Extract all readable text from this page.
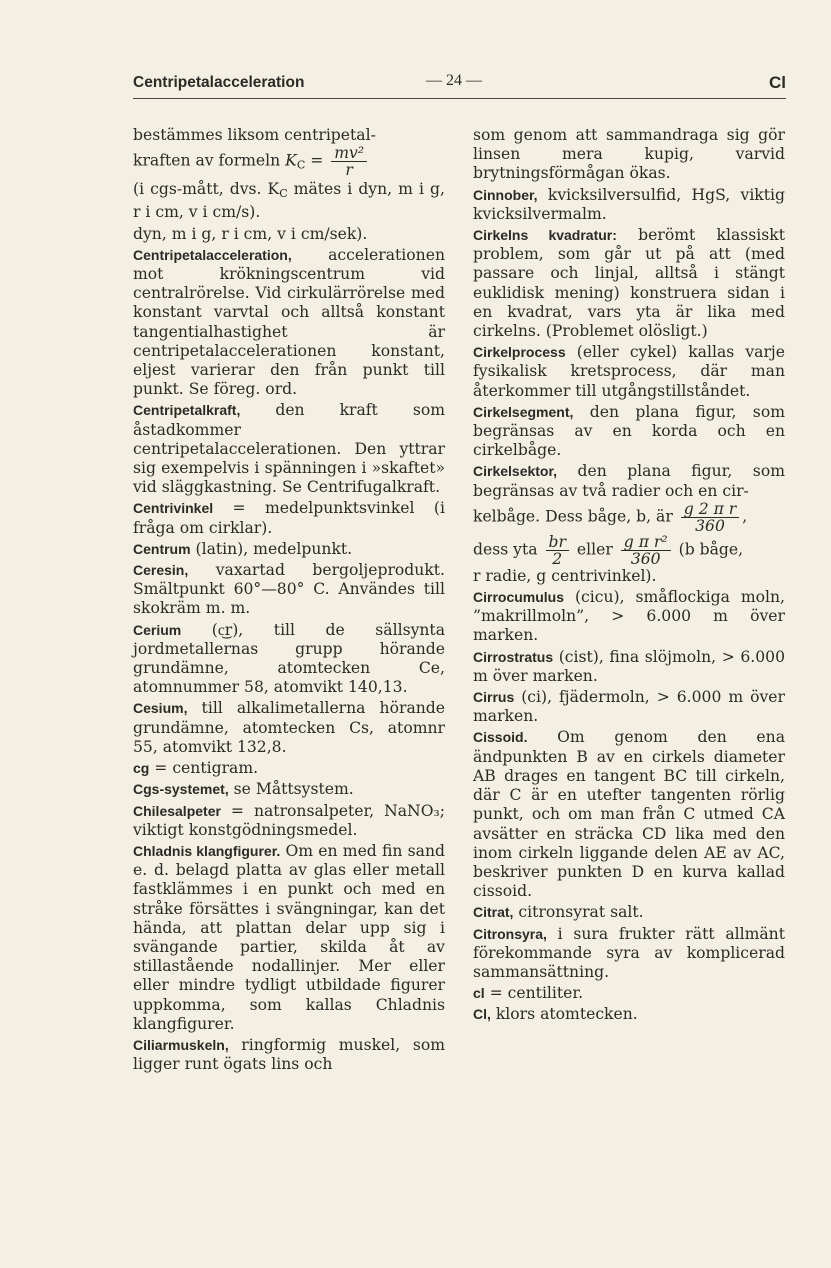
Centripetalacceleration	— 24 —	Cl

bestämmes liksom centripetal-
kraften av formeln $K_C = \frac{\text{mv²}}{r}$

(i cgs-mått, dvs. $K_C$ mätes i dyn, m i g, r i cm, v i cm/s).

dyn, m i g, r i cm, v i cm/sek).

Centripetalacceleration, accelerationen mot krökningscentrum vid centralrörelse. Vid cirkulärrörelse med konstant varvtal och alltså konstant tangentialhastighet är centripetalaccelerationen konstant, eljest varierar den från punkt till punkt. Se föreg. ord.

Centripetalkraft, den kraft som åstadkommer centripetalaccelerationen. Den yttrar sig exempelvis i spänningen i »skaftet» vid släggkastning. Se Centrifugalkraft.

Centrivinkel = medelpunktsvinkel (i fråga om cirklar).

Centrum (latin), medelpunkt.

Ceresin, vaxartad bergoljeprodukt. Smältpunkt 60°—80° C. Användes till skokräm m. m.

Cerium (c͜r), till de sällsynta jordmetallernas grupp hörande grundämne, atomtecken Ce, atomnummer 58, atomvikt 140,13.

Cesium, till alkalimetallerna hörande grundämne, atomtecken Cs, atomnr 55, atomvikt 132,8.

cg = centigram.

Cgs-systemet, se Måttsystem.

Chilesalpeter = natronsalpeter, NaNO₃; viktigt konstgödningsmedel.

Chladnis klangfigurer. Om en med fin sand e. d. belagd platta av glas eller metall fastklämmes i en punkt och med en stråke försättes i svängningar, kan det hända, att plattan delar upp sig i svängande partier, skilda åt av stillastående nodallinjer. Mer eller eller mindre tydligt utbildade figurer uppkomma, som kallas Chladnis klangfigurer.

Ciliarmuskeln, ringformig muskel, som ligger runt ögats lins och

som genom att sammandraga sig gör linsen mera kupig, varvid brytningsförmågan ökas.

Cinnober, kvicksilversulfid, HgS, viktig kvicksilvermalm.

Cirkelns kvadratur: berömt klassiskt problem, som går ut på att (med passare och linjal, alltså i stängt euklidisk mening) konstruera sidan i en kvadrat, vars yta är lika med cirkelns. (Problemet olösligt.)

Cirkelprocess (eller cykel) kallas varje fysikalisk kretsprocess, där man återkommer till utgångstillståndet.

Cirkelsegment, den plana figur, som begränsas av en korda och en cirkelbåge.

Cirkelsektor, den plana figur, som begränsas av två radier och en cir-
kelbåge. Dess båge, b, är $\frac{\text{g 2 π r}}{360}$ ,
dess yta $\frac{br}{2}$ eller $\frac{\text{g π r²}}{360} (b$ båge,
r radie, g centrivinkel).

Cirrocumulus (cicu), småflockiga moln, ”makrillmoln”, > 6.000 m över marken.

Cirrostratus (cist), fina slöjmoln, > 6.000 m över marken.

Cirrus (ci), fjädermoln, > 6.000 m över marken.

Cissoid. Om genom den ena ändpunkten B av en cirkels diameter AB drages en tangent BC till cirkeln, där C är en utefter tangenten rörlig punkt, och om man från C utmed CA avsätter en sträcka CD lika med den inom cirkeln liggande delen AE av AC, beskriver punkten D en kurva kallad cissoid.

Citrat, citronsyrat salt.

Citronsyra, i sura frukter rätt allmänt förekommande syra av komplicerad sammansättning.

cl = centiliter.

Cl, klors atomtecken.
